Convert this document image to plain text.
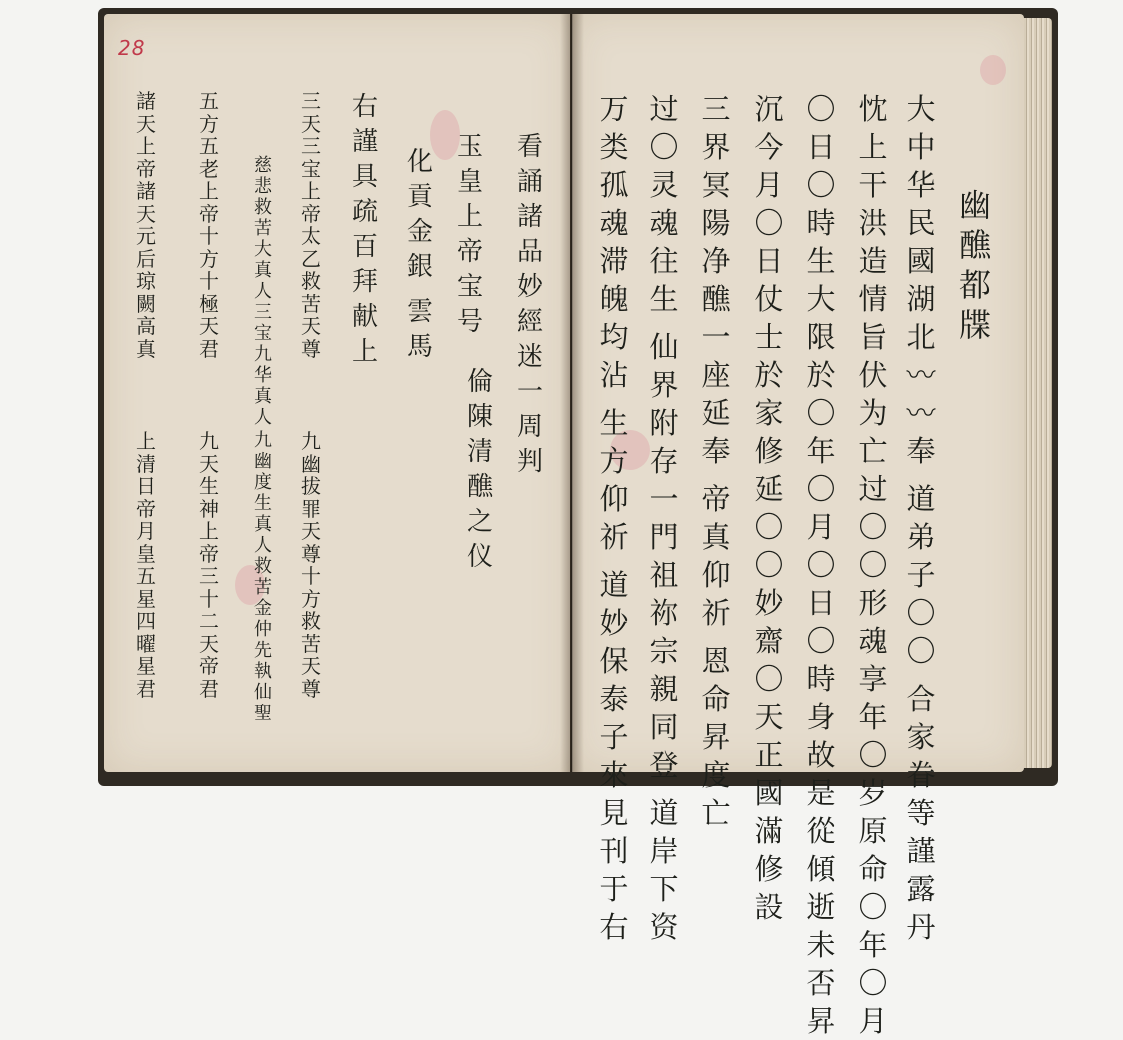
28
幽
醮
都
牒
大
中
华
民
國
湖
北
〰
〰
奉

道
弟
子
〇
〇

合
家
眷
等
謹
露
丹
忱
上
干
洪
造
情
旨
伏
为
亡
过
〇
〇
形
魂
享
年
〇
岁
原
命
〇
年
〇
月
〇
日
〇
時
生
大
限
於
〇
年
〇
月
〇
日
〇
時
身
故
是
從
傾
逝
未
否
昇
沉
今
月
〇
日
仗
士
於
家
修
延
〇
〇
妙
齋
〇
天
正
國
滿
修
設
三
界
冥
陽
净
醮
一
座
延
奉

帝
真
仰
祈

恩
命
昇
度
亡
过
〇
灵
魂
往
生

仙
界
附
存
一
門
祖
祢
宗
親
同
登

道
岸
下
资
万
类
孤
魂
滞
魄
均
沾

生
方
仰
祈

道
妙
保
泰
子
來
見
刊
于
右
看
誦
諸
品
妙
經
迷
一
周
判
倫
陳
清
醮
之
仪
玉
皇
上
帝
宝
号
化
貢
金
銀

雲
馬
右
謹
具
疏
百
拜
献
上
三
天
三
宝
上
帝
太
乙
救
苦
天
尊
慈
悲
救
苦
大
真
人
三
宝
九
华
真
人
五
方
五
老
上
帝
十
方
十
極
天
君
諸
天
上
帝
諸
天
元
后
琼
闕
高
真
九
幽
拔
罪
天
尊
十
方
救
苦
天
尊
九
幽
度
生
真
人
救
苦
金
仲
先
執
仙
聖
九
天
生
神
上
帝
三
十
二
天
帝
君
上
清
日
帝
月
皇
五
星
四
曜
星
君
